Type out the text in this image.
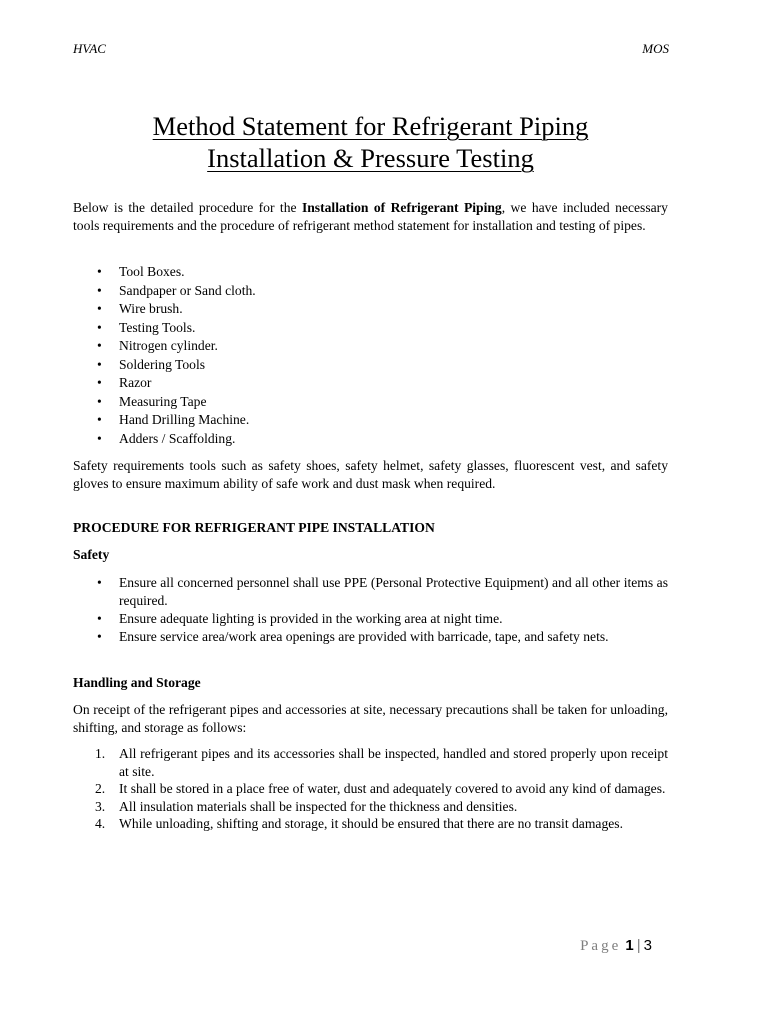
HVAC	MOS
Method Statement for Refrigerant Piping
Installation & Pressure Testing

Below is the detailed procedure for the Installation of Refrigerant Piping, we have included necessary tools requirements and the procedure of refrigerant method statement for installation and testing of pipes.

• Tool Boxes.
• Sandpaper or Sand cloth.
• Wire brush.
• Testing Tools.
• Nitrogen cylinder.
• Soldering Tools
• Razor
• Measuring Tape
• Hand Drilling Machine.
• Adders / Scaffolding.

Safety requirements tools such as safety shoes, safety helmet, safety glasses, fluorescent vest, and safety gloves to ensure maximum ability of safe work and dust mask when required.

PROCEDURE FOR REFRIGERANT PIPE INSTALLATION
Safety
• Ensure all concerned personnel shall use PPE (Personal Protective Equipment) and all other items as required.
• Ensure adequate lighting is provided in the working area at night time.
• Ensure service area/work area openings are provided with barricade, tape, and safety nets.
Handling and Storage

On receipt of the refrigerant pipes and accessories at site, necessary precautions shall be taken for unloading, shifting, and storage as follows:

1. All refrigerant pipes and its accessories shall be inspected, handled and stored properly upon receipt at site.
2. It shall be stored in a place free of water, dust and adequately covered to avoid any kind of damages.
3. All insulation materials shall be inspected for the thickness and densities.
4. While unloading, shifting and storage, it should be ensured that there are no transit damages.
Page 1 | 3
